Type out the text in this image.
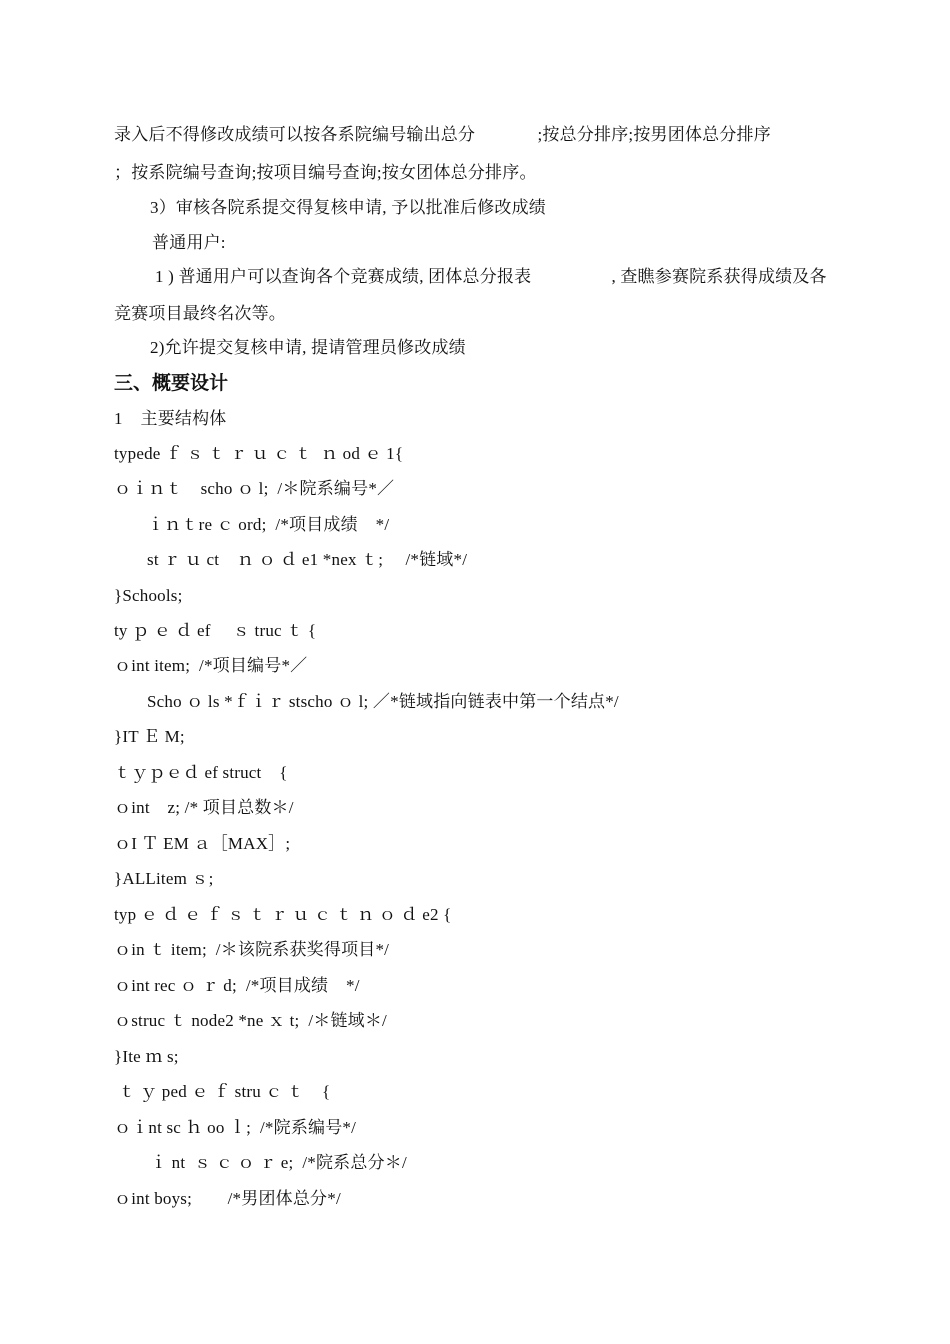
录入后不得修改成绩可以按各系院编号输出总分              ;按总分排序;按男团体总分排序
；按系院编号查询;按项目编号查询;按女团体总分排序。
3）审核各院系提交得复核申请, 予以批准后修改成绩
普通用户:
1 ) 普通用户可以查询各个竞赛成绩, 团体总分报表                  , 查瞧参赛院系获得成绩及各
竞赛项目最终名次等。
2)允许提交复核申请, 提请管理员修改成绩
三、概要设计
1    主要结构体
typede ｆ ｓ ｔ ｒ ｕ ｃ ｔ  ｎ od ｅ 1{
ｏｉｎｔ    scho ｏ l;  /＊院系编号*／
ｉｎｔre ｃ ord;  /*项目成绩    */
st ｒ ｕ ct    ｎ ｏ ｄ e1 *nex ｔ;     /*链域*/
}Schools;
ty ｐ ｅ ｄ ef     ｓ truc ｔ {
ｏint item;  /*项目编号*／
Scho ｏ ls *ｆｉｒ stscho ｏ l; ／*链域指向链表中第一个结点*/
}IT Ｅ M;
ｔｙｐｅｄ ef struct    {
ｏint    z; /* 项目总数＊/
ｏI Ｔ EM ａ［MAX］;
}ALLitem ｓ;
typ ｅ ｄ ｅ ｆ ｓ ｔ ｒ ｕ ｃ ｔ ｎ ｏ ｄ e2 {
ｏin ｔ item;  /＊该院系获奖得项目*/
ｏint rec ｏ ｒ d;  /*项目成绩    */
ｏstruc ｔ node2 *ne ｘ t;  /＊链域＊/
}Ite ｍ s;
ｔ ｙ ped ｅ ｆ stru ｃ ｔ    {
ｏｉnt sc ｈ oo ｌ;  /*院系编号*/
ｉ nt  ｓ ｃ ｏ ｒ e;  /*院系总分＊/
ｏint boys;        /*男团体总分*/
